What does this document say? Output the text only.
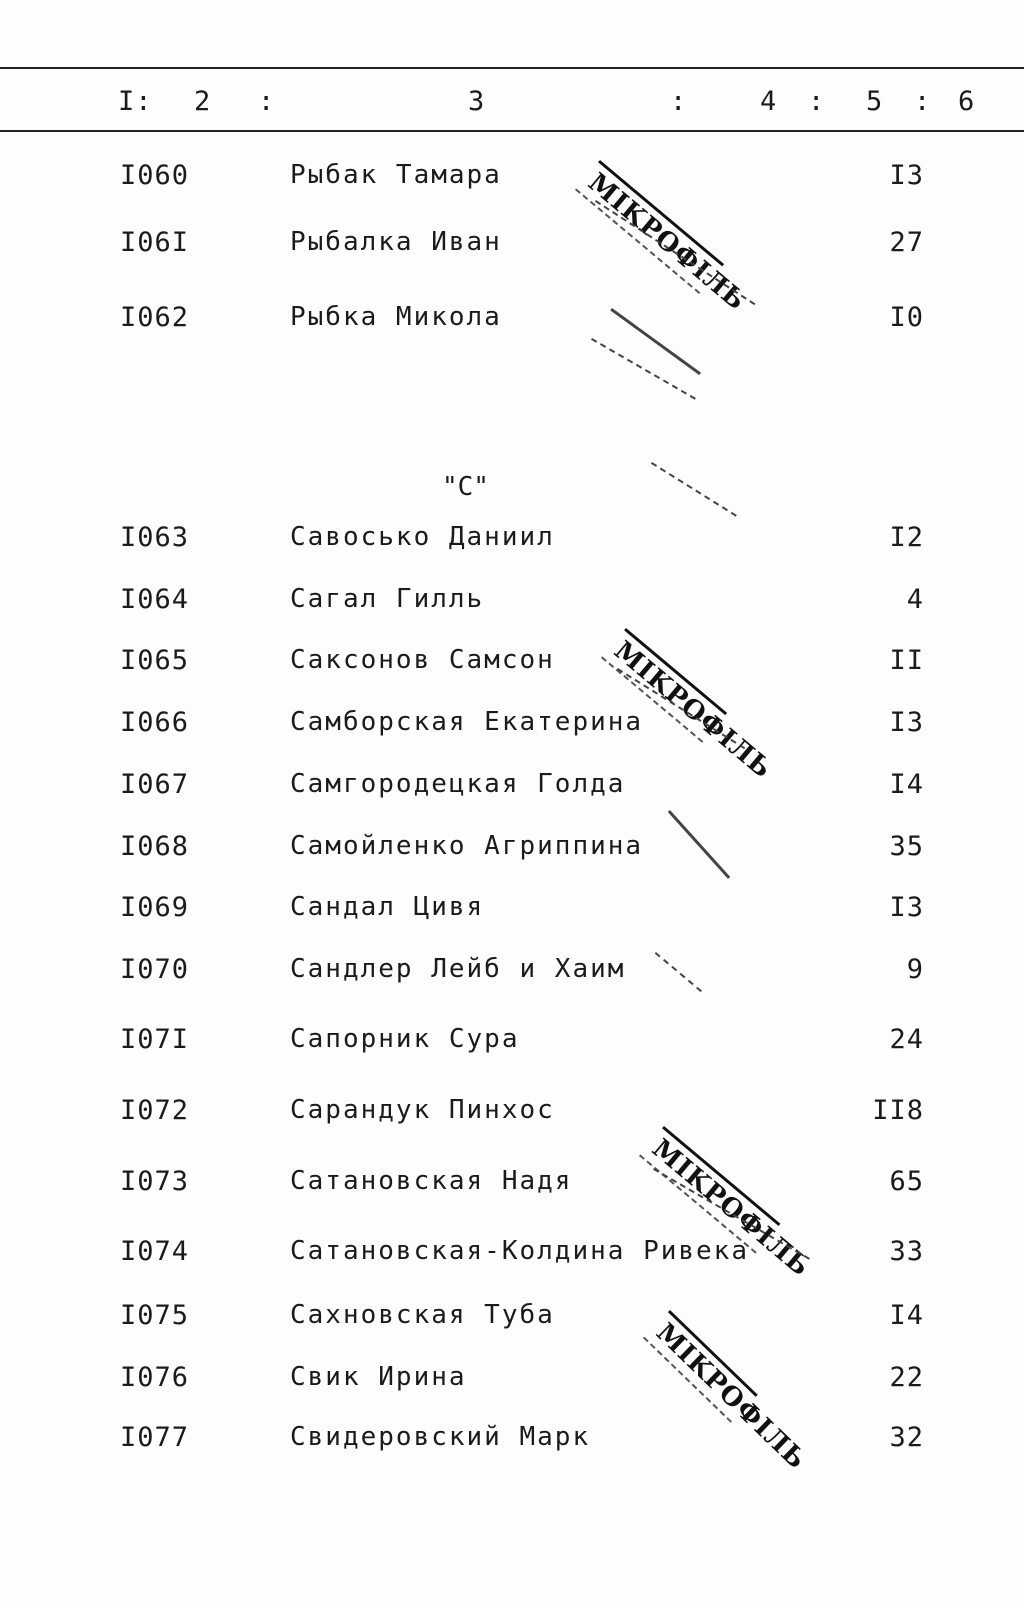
I: 2 :	3	:	4 : 5 : 6
"C"
I060	Рыбак Тамара	I3
I06I	Рыбалка Иван	27
I062	Рыбка Микола	I0
I063	Савосько Даниил	I2
I064	Сагал Гилль	4
I065	Саксонов Самсон	II
I066	Самборская Екатерина	I3
I067	Самгородецкая Голда	I4
I068	Самойленко Агриппина	35
I069	Сандал Цивя	I3
I070	Сандлер Лейб и Хаим	9
I07I	Сапорник Сура	24
I072	Сарандук Пинхос	II8
I073	Сатановская Надя	65
I074	Сатановская-Колдина Ривека	33
I075	Сахновская Туба	I4
I076	Свик Ирина	22
I077	Свидеровский Марк	32
MIKPOФIЛЬ
MIKPOФIЛЬ
MIKPOФIЛЬ
MIKPOФIЛЬ
